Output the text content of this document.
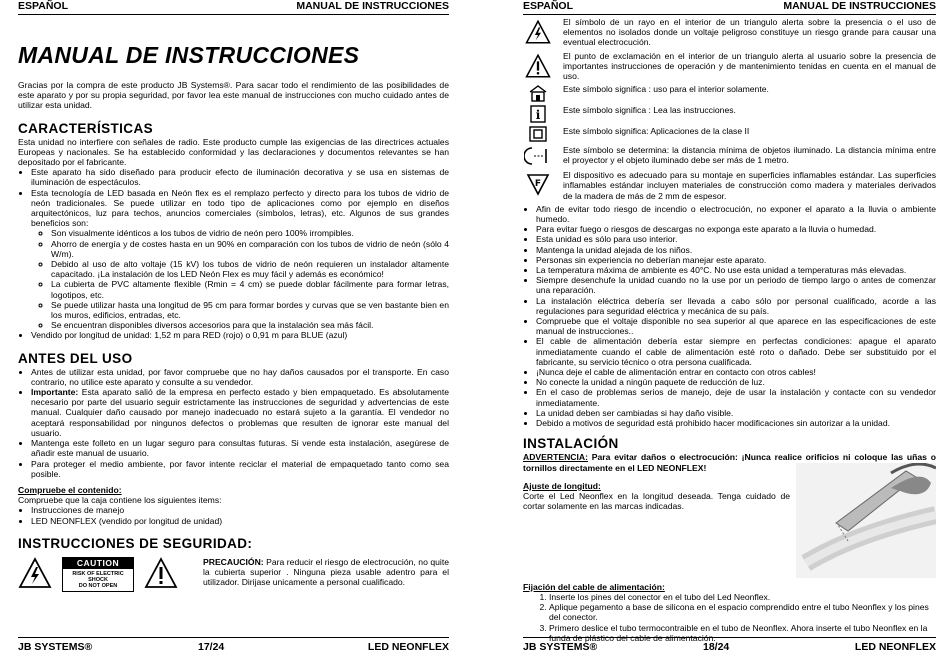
ESPAÑOL	MANUAL DE INSTRUCCIONES
MANUAL DE INSTRUCCIONES

Gracias por la compra de este producto JB Systems®. Para sacar todo el rendimiento de las posibilidades de este aparato y por su propia seguridad, por favor lea este manual de instrucciones con mucho cuidado antes de utilizar esta unidad.

CARACTERÍSTICAS

Esta unidad no interfiere con señales de radio. Este producto cumple las exigencias de las directrices actuales Europeas y nacionales. Se ha establecido conformidad y las declaraciones y documentos relevantes se han depositado por el fabricante.

• Este aparato ha sido diseñado para producir efecto de iluminación decorativa y se usa en sistemas de iluminación de espectáculos.
• Esta tecnología de LED basada en Neón flex es el remplazo perfecto y directo para los tubos de vidrio de neón tradicionales. Se puede utilizar en todo tipo de aplicaciones como por ejemplo en diseños arquitectónicos, luz para techos, anuncios comerciales (símbolos, letras), etc. Algunos de sus grandes beneficios son:
◦ Son visualmente idénticos a los tubos de vidrio de neón pero 100% irrompibles.
◦ Ahorro de energía y de costes hasta en un 90% en comparación con los tubos de vidrio de neón (sólo 4 W/m).
◦ Debido al uso de alto voltaje (15 kV) los tubos de vidrio de neón requieren un instalador altamente capacitado. ¡La instalación de los LED Neón Flex es muy fácil y además es económico!
◦ La cubierta de PVC altamente flexible (Rmin = 4 cm) se puede doblar fácilmente para formar letras, logotipos, etc.
◦ Se puede utilizar hasta una longitud de 95 cm para formar bordes y curvas que se ven bastante bien en los muros, edificios, entradas, etc.
◦ Se encuentran disponibles diversos accesorios para que la instalación sea más fácil.
• Vendido por longitud de unidad: 1,52 m para RED (rojo) o 0,91 m para BLUE (azul)
ANTES DEL USO
• Antes de utilizar esta unidad, por favor compruebe que no hay daños causados por el transporte. En caso contrario, no utilice este aparato y consulte a su vendedor.
• Importante: Esta aparato salió de la empresa en perfecto estado y bien empaquetado. Es absolutamente necesario por parte del usuario seguir estrictamente las instrucciones de seguridad y advertencias de este manual. Cualquier daño causado por manejo inadecuado no estará sujeto a la garantía. El vendedor no aceptará responsabilidad por ningunos defectos o problemas que resulten de ignorar este manual del usuario.
• Mantenga este folleto en un lugar seguro para consultas futuras. Si vende esta instalación, asegúrese de añadir este manual de usuario.
• Para proteger el medio ambiente, por favor intente reciclar el material de empaquetado tanto como sea posible.

Compruebe el contenido:

Compruebe que la caja contiene los siguientes items:

• Instrucciones de manejo
• LED NEONFLEX (vendido por longitud de unidad)
INSTRUCCIONES DE SEGURIDAD:
CAUTION
RISK OF ELECTRIC SHOCK
DO NOT OPEN

PRECAUCIÓN: Para reducir el riesgo de electrocución, no quite la cubierta superior . Ninguna pieza usable adentro para el utilizador. Dirijase unicamente a personal cualificado.

JB SYSTEMS®	17/24	LED NEONFLEX
ESPAÑOL	MANUAL DE INSTRUCCIONES
El símbolo de un rayo en el interior de un triangulo alerta sobre la presencia o el uso de elementos no isolados donde un voltaje peligroso constituye un riesgo grande para causar una eventual electrocución.
El punto de exclamación en el interior de un triangulo alerta al usuario sobre la presencia de importantes instrucciones de operación y de mantenimiento tenidas en cuenta en el manual de uso.
Este símbolo significa : uso para el interior solamente.
i	Este símbolo significa : Lea las instrucciones.
Este símbolo significa: Aplicaciones de la clase II
Este símbolo se determina: la distancia mínima de objetos iluminado. La distancia mínima entre el proyector y el objeto iluminado debe ser más de 1 metro.
F
El dispositivo es adecuado para su montaje en superficies inflamables estándar. Las superficies inflamables estándar incluyen materiales de construcción como madera y materiales derivados de la madera de más de 2 mm de espesor.
• Afin de evitar todo riesgo de incendio o electrocución, no exponer el aparato a la lluvia o ambiente humedo.
• Para evitar fuego o riesgos de descargas no exponga este aparato a la lluvia o humedad.
• Esta unidad es sólo para uso interior.
• Mantenga la unidad alejada de los niños.
• Personas sin experiencia no deberían manejar este aparato.
• La temperatura máxima de ambiente es 40°C. No use esta unidad a temperaturas más elevadas.
• Siempre desenchufe la unidad cuando no la use por un periodo de tiempo largo o antes de comenzar una reparación.
• La instalación eléctrica debería ser llevada a cabo sólo por personal cualificado, acorde a las regulaciones para seguridad eléctrica y mecánica de su país.
• Compruebe que el voltaje disponible no sea superior al que aparece en las especificaciones de este manual de instrucciones..
• El cable de alimentación debería estar siempre en perfectas condiciones: apague el aparato inmediatamente cuando el cable de alimentación esté roto o dañado. Debe ser substituido por el fabricante, su servicio técnico o otra persona cualificada.
• ¡Nunca deje el cable de alimentación entrar en contacto con otros cables!
• No conecte la unidad a ningún paquete de reducción de luz.
• En el caso de problemas serios de manejo, deje de usar la instalación y contacte con su vendedor inmediatamente.
• La unidad deben ser cambiadas si hay daño visible.
• Debido a motivos de seguridad está prohibido hacer modificaciones sin autorizar a la unidad.
INSTALACIÓN

ADVERTENCIA: Para evitar daños o electrocución: ¡Nunca realice orificios ni coloque las uñas o tornillos directamente en el LED NEONFLEX!

Ajuste de longitud:

Corte el Led Neonflex en la longitud deseada. Tenga cuidado de cortar solamente en las marcas indicadas.

Fijación del cable de alimentación:

1. Inserte los pines del conector en el tubo del Led Neonflex.
2. Aplique pegamento a base de silicona en el espacio comprendido entre el tubo Neonflex y los pines del conector.
3. Primero deslice el tubo termocontraible en el tubo de Neonflex. Ahora inserte el tubo Neonflex en la funda de plástico del cable de alimentación.
JB SYSTEMS®	18/24	LED NEONFLEX
